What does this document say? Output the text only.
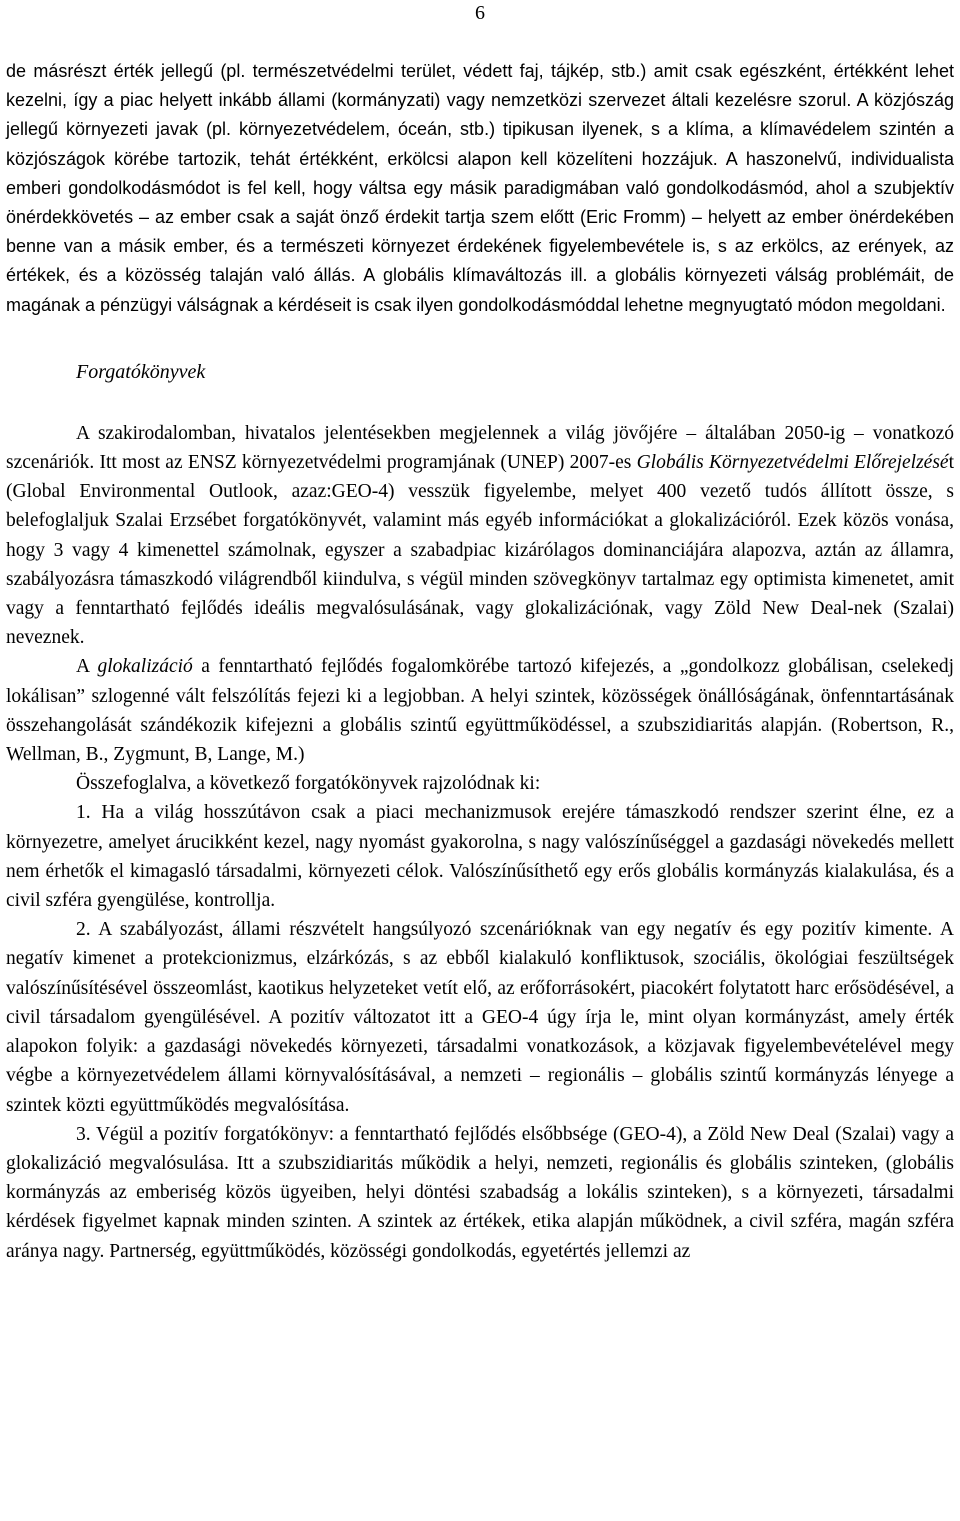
6

de másrészt érték jellegű (pl. természetvédelmi terület, védett faj, tájkép, stb.) amit csak egészként, értékként lehet kezelni, így a piac helyett inkább állami (kormányzati) vagy nemzetközi szervezet általi kezelésre szorul. A közjószág jellegű környezeti javak (pl. környezetvédelem, óceán, stb.) tipikusan ilyenek, s a klíma, a klímavédelem szintén a közjószágok körébe tartozik, tehát értékként, erkölcsi alapon kell közelíteni hozzájuk. A haszonelvű, individualista emberi gondolkodásmódot is fel kell, hogy váltsa egy másik paradigmában való gondolkodásmód, ahol a szubjektív önérdekkövetés – az ember csak a saját önző érdekit tartja szem előtt (Eric Fromm) – helyett az ember önérdekében benne van a másik ember, és a természeti környezet érdekének figyelembevétele is, s az erkölcs, az erények, az értékek, és a közösség talaján való állás. A globális klímaváltozás ill. a globális környezeti válság problémáit, de magának a pénzügyi válságnak a kérdéseit is csak ilyen gondolkodásmóddal lehetne megnyugtató módon megoldani.

Forgatókönyvek

A szakirodalomban, hivatalos jelentésekben megjelennek a világ jövőjére – általában 2050-ig – vonatkozó szcenáriók. Itt most az ENSZ környezetvédelmi programjának (UNEP) 2007-es Globális Környezetvédelmi Előrejelzését (Global Environmental Outlook, azaz:GEO-4) vesszük figyelembe, melyet 400 vezető tudós állított össze, s belefoglaljuk Szalai Erzsébet forgatókönyvét, valamint más egyéb információkat a glokalizációról. Ezek közös vonása, hogy 3 vagy 4 kimenettel számolnak, egyszer a szabadpiac kizárólagos dominanciájára alapozva, aztán az államra, szabályozásra támaszkodó világrendből kiindulva, s végül minden szövegkönyv tartalmaz egy optimista kimenetet, amit vagy a fenntartható fejlődés ideális megvalósulásának, vagy glokalizációnak, vagy Zöld New Deal-nek (Szalai) neveznek.

A glokalizáció a fenntartható fejlődés fogalomkörébe tartozó kifejezés, a „gondolkozz globálisan, cselekedj lokálisan” szlogenné vált felszólítás fejezi ki a legjobban. A helyi szintek, közösségek önállóságának, önfenntartásának összehangolását szándékozik kifejezni a globális szintű együttműködéssel, a szubszidiaritás alapján. (Robertson, R., Wellman, B., Zygmunt, B, Lange, M.)

Összefoglalva, a következő forgatókönyvek rajzolódnak ki:

1. Ha a világ hosszútávon csak a piaci mechanizmusok erejére támaszkodó rendszer szerint élne, ez a környezetre, amelyet árucikként kezel, nagy nyomást gyakorolna, s nagy valószínűséggel a gazdasági növekedés mellett nem érhetők el kimagasló társadalmi, környezeti célok. Valószínűsíthető egy erős globális kormányzás kialakulása, és a civil szféra gyengülése, kontrollja.

2. A szabályozást, állami részvételt hangsúlyozó szcenárióknak van egy negatív és egy pozitív kimente. A negatív kimenet a protekcionizmus, elzárkózás, s az ebből kialakuló konfliktusok, szociális, ökológiai feszültségek valószínűsítésével összeomlást, kaotikus helyzeteket vetít elő, az erőforrásokért, piacokért folytatott harc erősödésével, a civil társadalom gyengülésével. A pozitív változatot itt a GEO-4 úgy írja le, mint olyan kormányzást, amely érték alapokon folyik: a gazdasági növekedés környezeti, társadalmi vonatkozások, a közjavak figyelembevételével megy végbe a környezetvédelem állami környvalósításával, a nemzeti – regionális – globális szintű kormányzás lényege a szintek közti együttműködés megvalósítása.

3. Végül a pozitív forgatókönyv: a fenntartható fejlődés elsőbbsége (GEO-4), a Zöld New Deal (Szalai) vagy a glokalizáció megvalósulása. Itt a szubszidiaritás működik a helyi, nemzeti, regionális és globális szinteken, (globális kormányzás az emberiség közös ügyeiben, helyi döntési szabadság a lokális szinteken), s a környezeti, társadalmi kérdések figyelmet kapnak minden szinten. A szintek az értékek, etika alapján működnek, a civil szféra, magán szféra aránya nagy. Partnerség, együttműködés, közösségi gondolkodás, egyetértés jellemzi az
